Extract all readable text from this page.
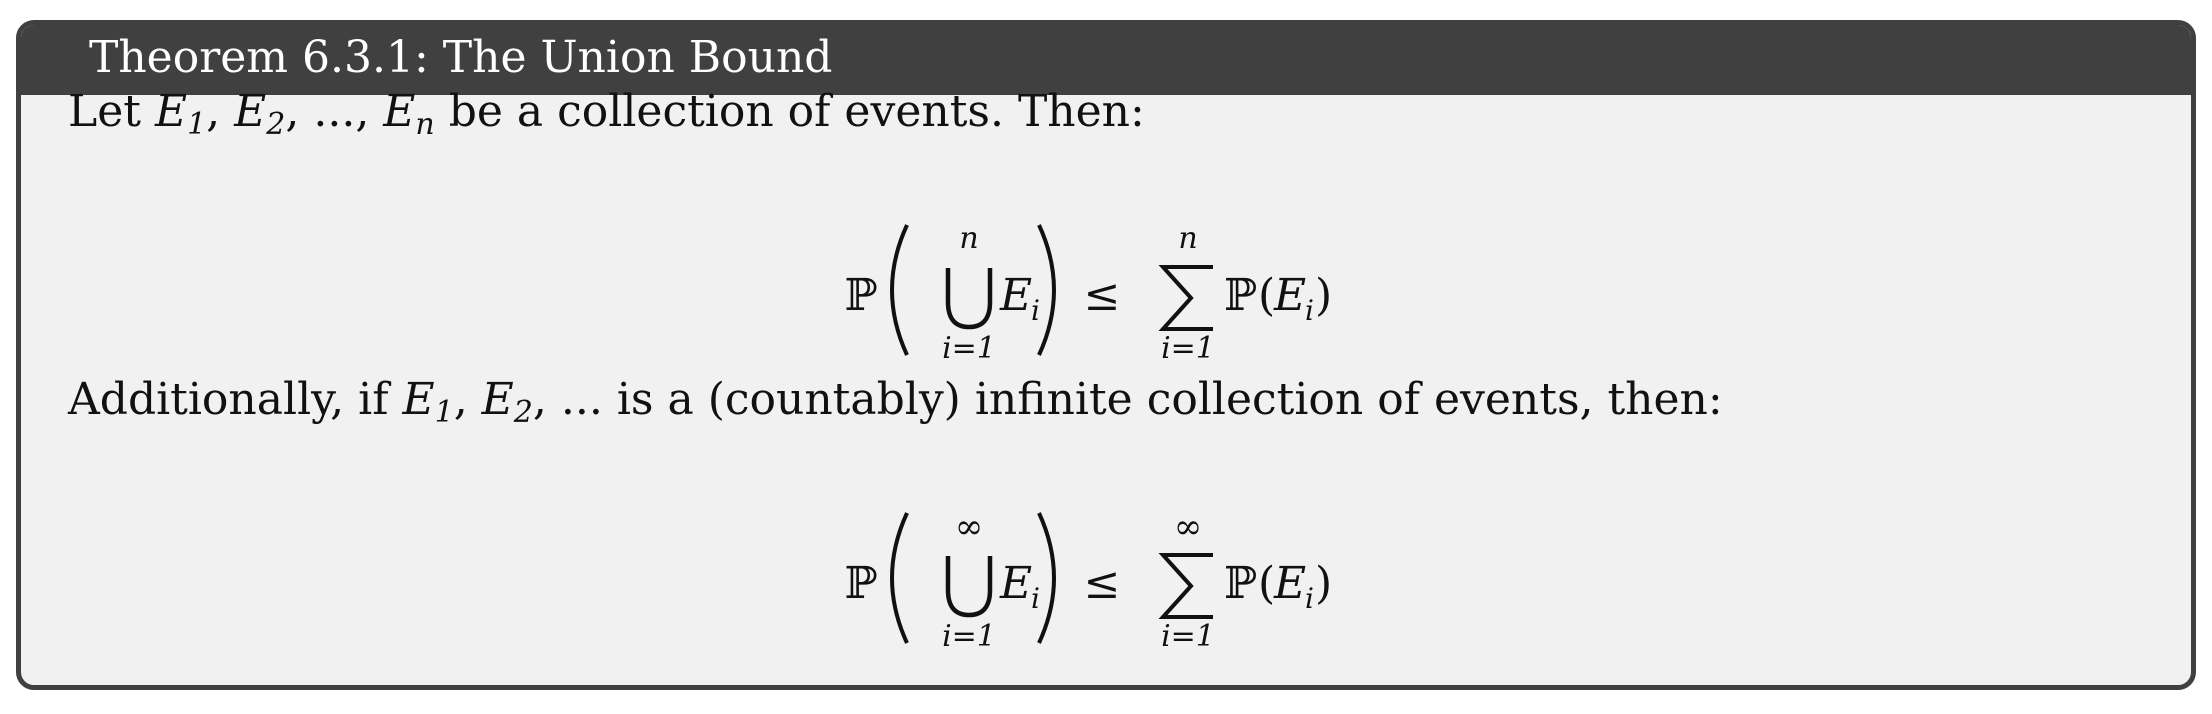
Theorem 6.3.1: The Union Bound
Let $E_1$, $E_2$, ..., $E_n$ be a collection of events. Then:
ℙ
n
i=1
E
i ≤
n
i=1
ℙ (
E
i )
Additionally, if $E_1$, $E_2$, ... is a (countably) infinite collection of events, then:
ℙ
∞
i=1
E
i ≤
∞
i=1
ℙ (
E
i )
